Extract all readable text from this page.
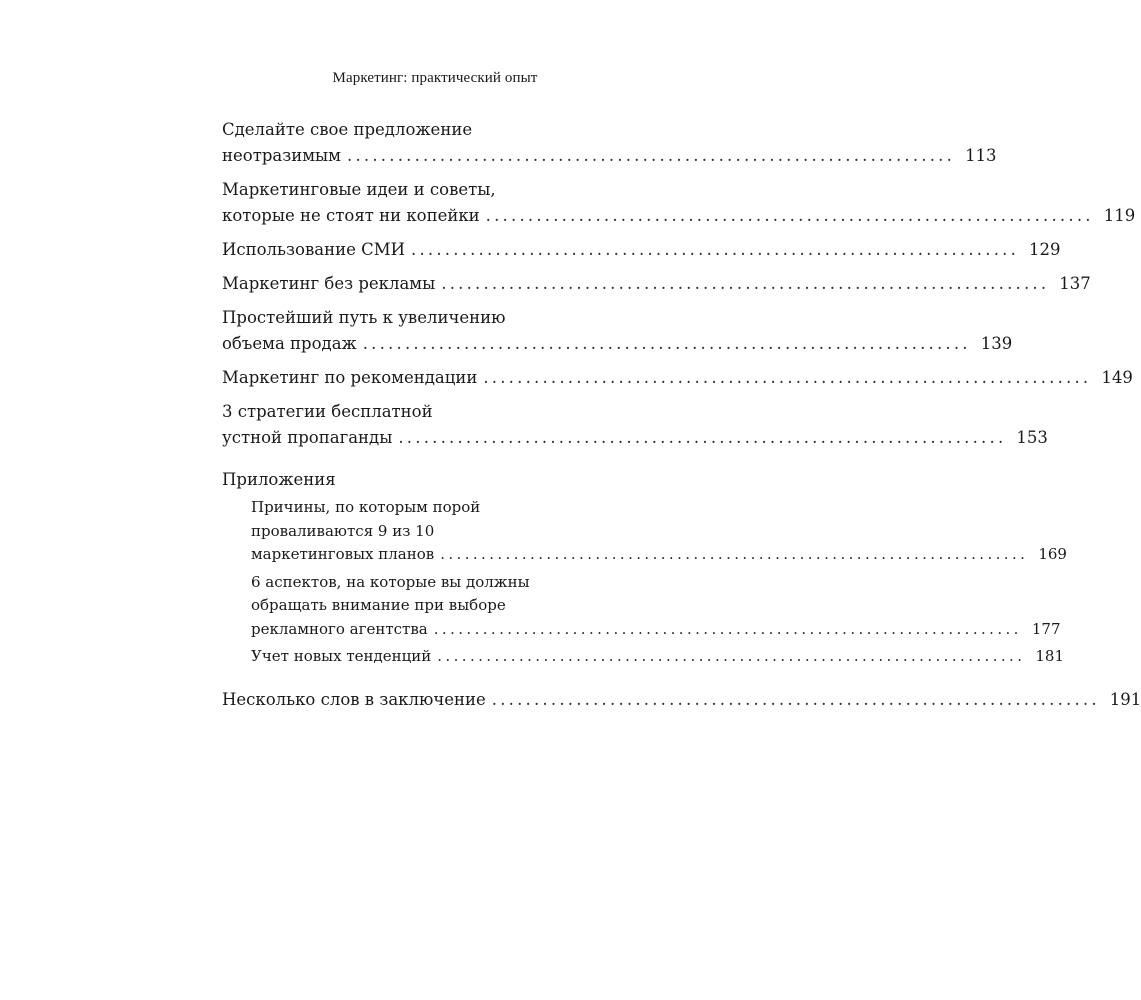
Маркетинг: практический опыт
Сделайте свое предложение
неотразимым ........................................................................ 113
Маркетинговые идеи и советы,
которые не стоят ни копейки ........................................................................ 119
Использование СМИ ........................................................................ 129
Маркетинг без рекламы ........................................................................ 137
Простейший путь к увеличению
объема продаж ........................................................................ 139
Маркетинг по рекомендации ........................................................................ 149
3 стратегии бесплатной
устной пропаганды ........................................................................ 153
Приложения
Причины, по которым порой
проваливаются 9 из 10
маркетинговых планов ........................................................................ 169
6 аспектов, на которые вы должны
обращать внимание при выборе
рекламного агентства ........................................................................ 177
Учет новых тенденций ........................................................................ 181
Несколько слов в заключение ........................................................................ 191
